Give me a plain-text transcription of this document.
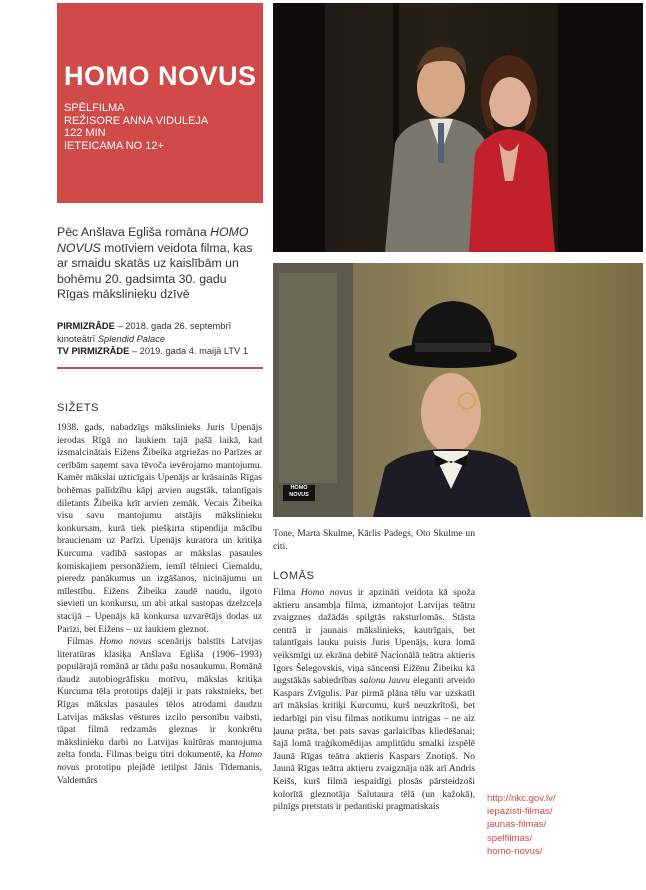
HOMO NOVUS
SPĒLFILMA
REŽISORE ANNA VIDULEJA
122 MIN
IETEICAMA NO 12+
HOMO NOVUS
Pēc Anšlava Egliša romāna HOMO NOVUS motīviem veidota filma, kas ar smaidu skatās uz kaislībām un bohēmu 20. gadsimta 30. gadu Rīgas mākslinieku dzīvē
PIRMIZRĀDE – 2018. gada 26. septembrī kinoteātrī Splendid Palace
TV PIRMIZRĀDE – 2019. gada 4. maijā LTV 1
SIŽETS

1938. gads, nabadzīgs mākslinieks Juris Upenājs ierodas Rīgā no laukiem tajā pašā laikā, kad izsmalcinātais Eižens Žibeika atgriežas no Parīzes ar cerībām saņemt sava tēvoča ievērojamo mantojumu. Kamēr mākslai uzticīgais Upenājs ar krāsainās Rīgas bohēmas palīdzību kāpj arvien augstāk, talantīgais diletants Žibeika krīt arvien zemāk. Vecais Žibeika visu savu mantojumu atstājis mākslinieku konkursam, kurā tiek piešķirta stipendija mācību braucienam uz Parīzi. Upenājs kuratora un kritiķa Kurcuma vadībā sastopas ar mākslas pasaules komiskajiem personāžiem, iemīl tēlnieci Ciemaldu, pieredz panākumus un izgāšanos, nicinājumu un mīlestību. Eižens Žibeika zaudē naudu, ilgoto sievieti un konkursu, un abi atkal sastopas dzelzceļa stacijā – Upenājs kā konkursa uzvarētājs dodas uz Parīzi, bet Eižens – uz laukiem gleznot.

Filmas Homo novus scenārijs balstīts Latvijas literatūras klasiķa Anšlava Egliša (1906–1993) populārajā romānā ar tādu pašu nosaukumu. Romānā daudz autobiogrāfisku motīvu, mākslas kritiķa Kurcuma tēla prototips daļēji ir pats rakstnieks, bet Rīgas mākslas pasaules tēlos atrodami daudzu Latvijas mākslas vēstures izcilo personību vaibsti, tāpat filmā redzamās gleznas ir konkrētu mākslinieku darbi no Latvijas kultūras mantojuma zelta fonda. Filmas beigu titri dokumentē, ka Homo novus prototipu plejādē ietilpst Jānis Tīdemanis, Valdemārs

Tone, Marta Skulme, Kārlis Padegs, Oto Skulme un citi.
LOMĀS
Filma Homo novus ir apzināti veidota kā spoža aktieru ansambļa filma, izmantojot Latvijas teātru zvaigznes dažādās spilgtās raksturlomās. Stāsta centrā ir jaunais mākslinieks, kautrīgais, bet talantīgais lauku puisis Juris Upenājs, kura lomā veiksmīgi uz ekrāna debitē Nacionālā teātra aktieris Igors Šelegovskis, viņa sāncensi Eižēnu Žibeiku kā augstākās sabiedrības salonu lauvu eleganti atveido Kaspars Zvīgulis. Par pirmā plāna tēlu var uzskatīt arī mākslas kritiķi Kurcumu, kurš neuzkrītoši, bet iedarbīgi pin visu filmas notikumu intrigas – ne aiz ļauna prāta, bet pats savas garlaicības kliedēšanai; šajā lomā traģikomēdijas amplitūdu smalki izspēlē Jaunā Rīgas teātra aktieris Kaspars Znotiņš. No Jaunā Rīgas teātra aktieru zvaigznāja nāk arī Andris Keišs, kurš filmā iespaidīgi plosās pārsteidzoši kolorītā gleznotāja Salutaura tēlā (un kažokā), pilnīgs pretstats ir pedantiski pragmatiskais
http://nkc.gov.lv/
iepazisti-filmas/
jaunas-filmas/
spelfilmas/
homo-novus/
